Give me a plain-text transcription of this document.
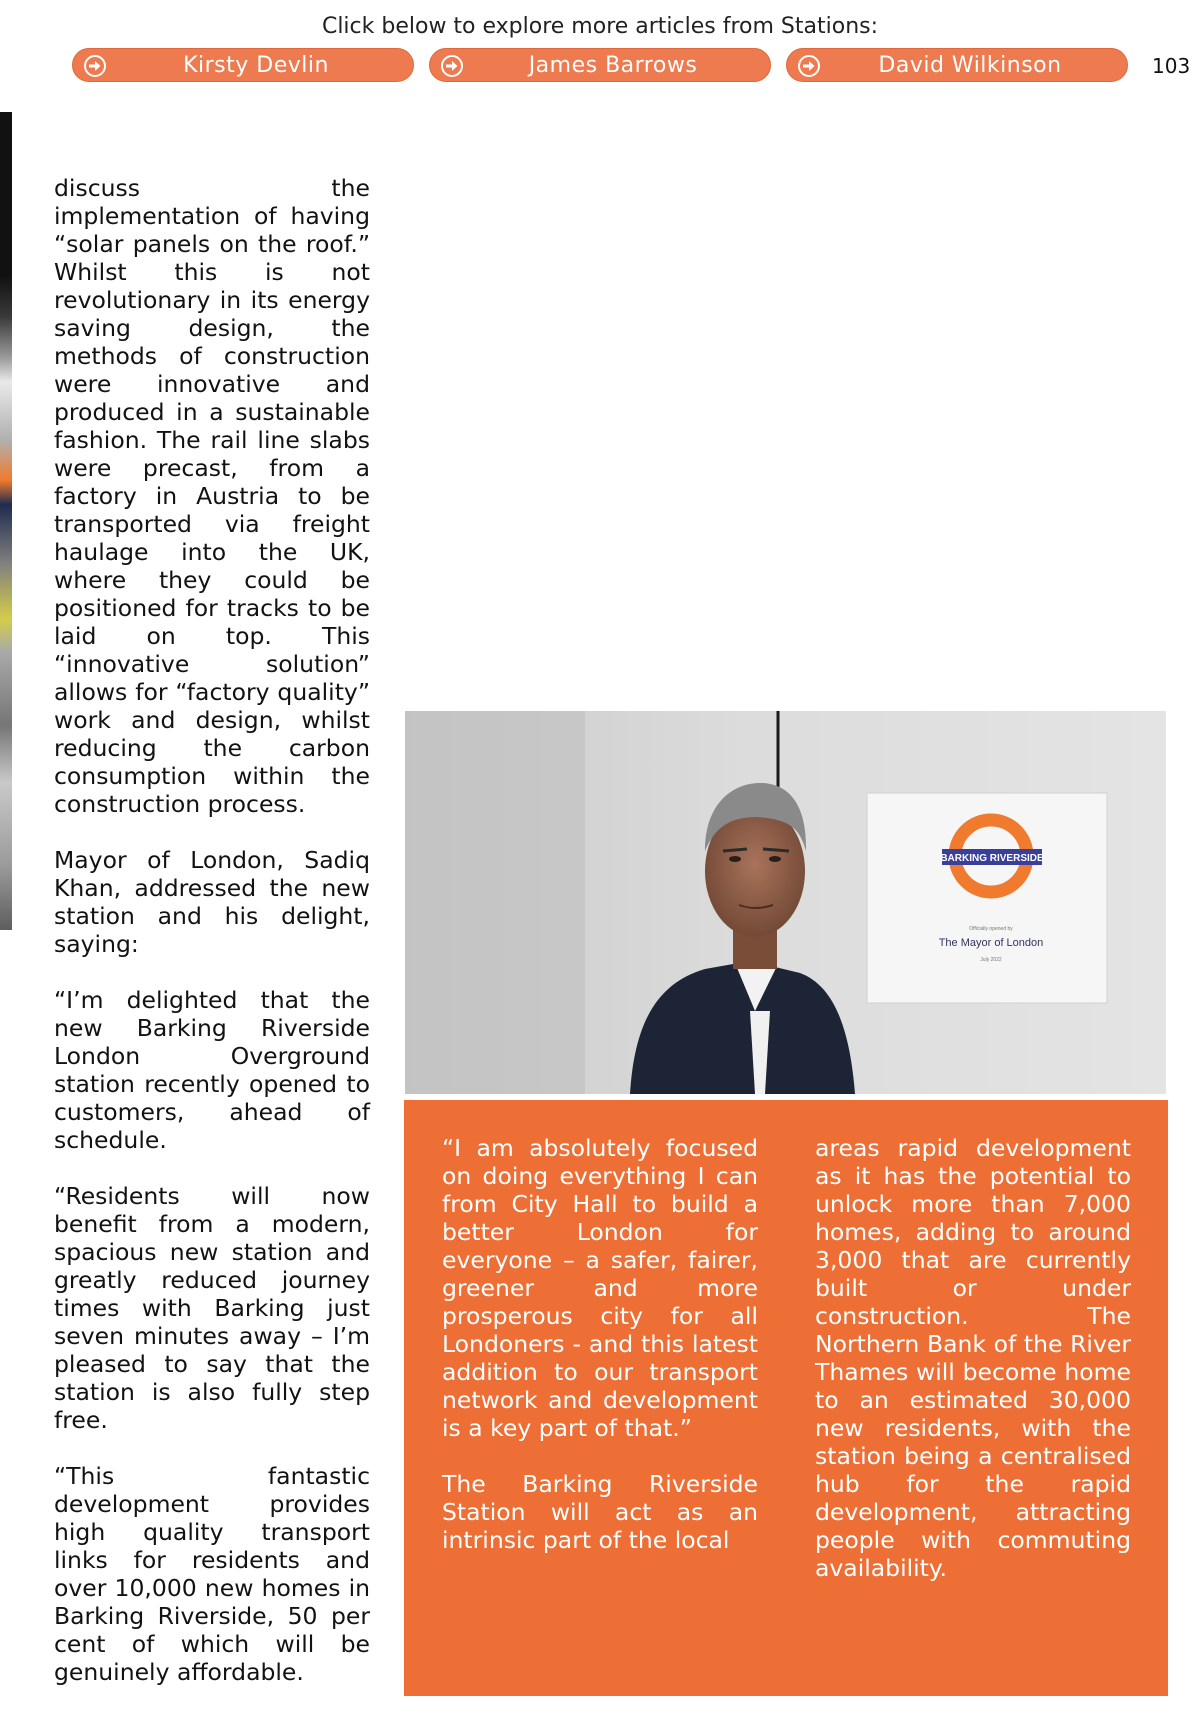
Click below to explore more articles from Stations:
Kirsty Devlin	James Barrows	David Wilkinson	103

discuss the implementation of having “solar panels on the roof.” Whilst this is not revolutionary in its energy saving design, the methods of construction were innovative and produced in a sustainable fashion. The rail line slabs were precast, from a factory in Austria to be transported via freight haulage into the UK, where they could be positioned for tracks to be laid on top. This “innovative solution” allows for “factory quality” work and design, whilst reducing the carbon consumption within the construction process.

Mayor of London, Sadiq Khan, addressed the new station and his delight, saying:

“I’m delighted that the new Barking Riverside London Overground station recently opened to customers, ahead of schedule.

“Residents will now benefit from a modern, spacious new station and greatly reduced journey times with Barking just seven minutes away – I’m pleased to say that the station is also fully step free.

“This fantastic development provides high quality transport links for residents and over 10,000 new homes in Barking Riverside, 50 per cent of which will be genuinely affordable.

BARKING RIVERSIDE
Officially opened by
The Mayor of London
July 2022

“I am absolutely focused on doing everything I can from City Hall to build a better London for everyone – a safer, fairer, greener and more prosperous city for all Londoners - and this latest addition to our transport network and development is a key part of that.”

The Barking Riverside Station will act as an intrinsic part of the local

areas rapid development as it has the potential to unlock more than 7,000 homes, adding to around 3,000 that are currently built or under construction. The Northern Bank of the River Thames will become home to an estimated 30,000 new residents, with the station being a centralised hub for the rapid development, attracting people with commuting availability.
